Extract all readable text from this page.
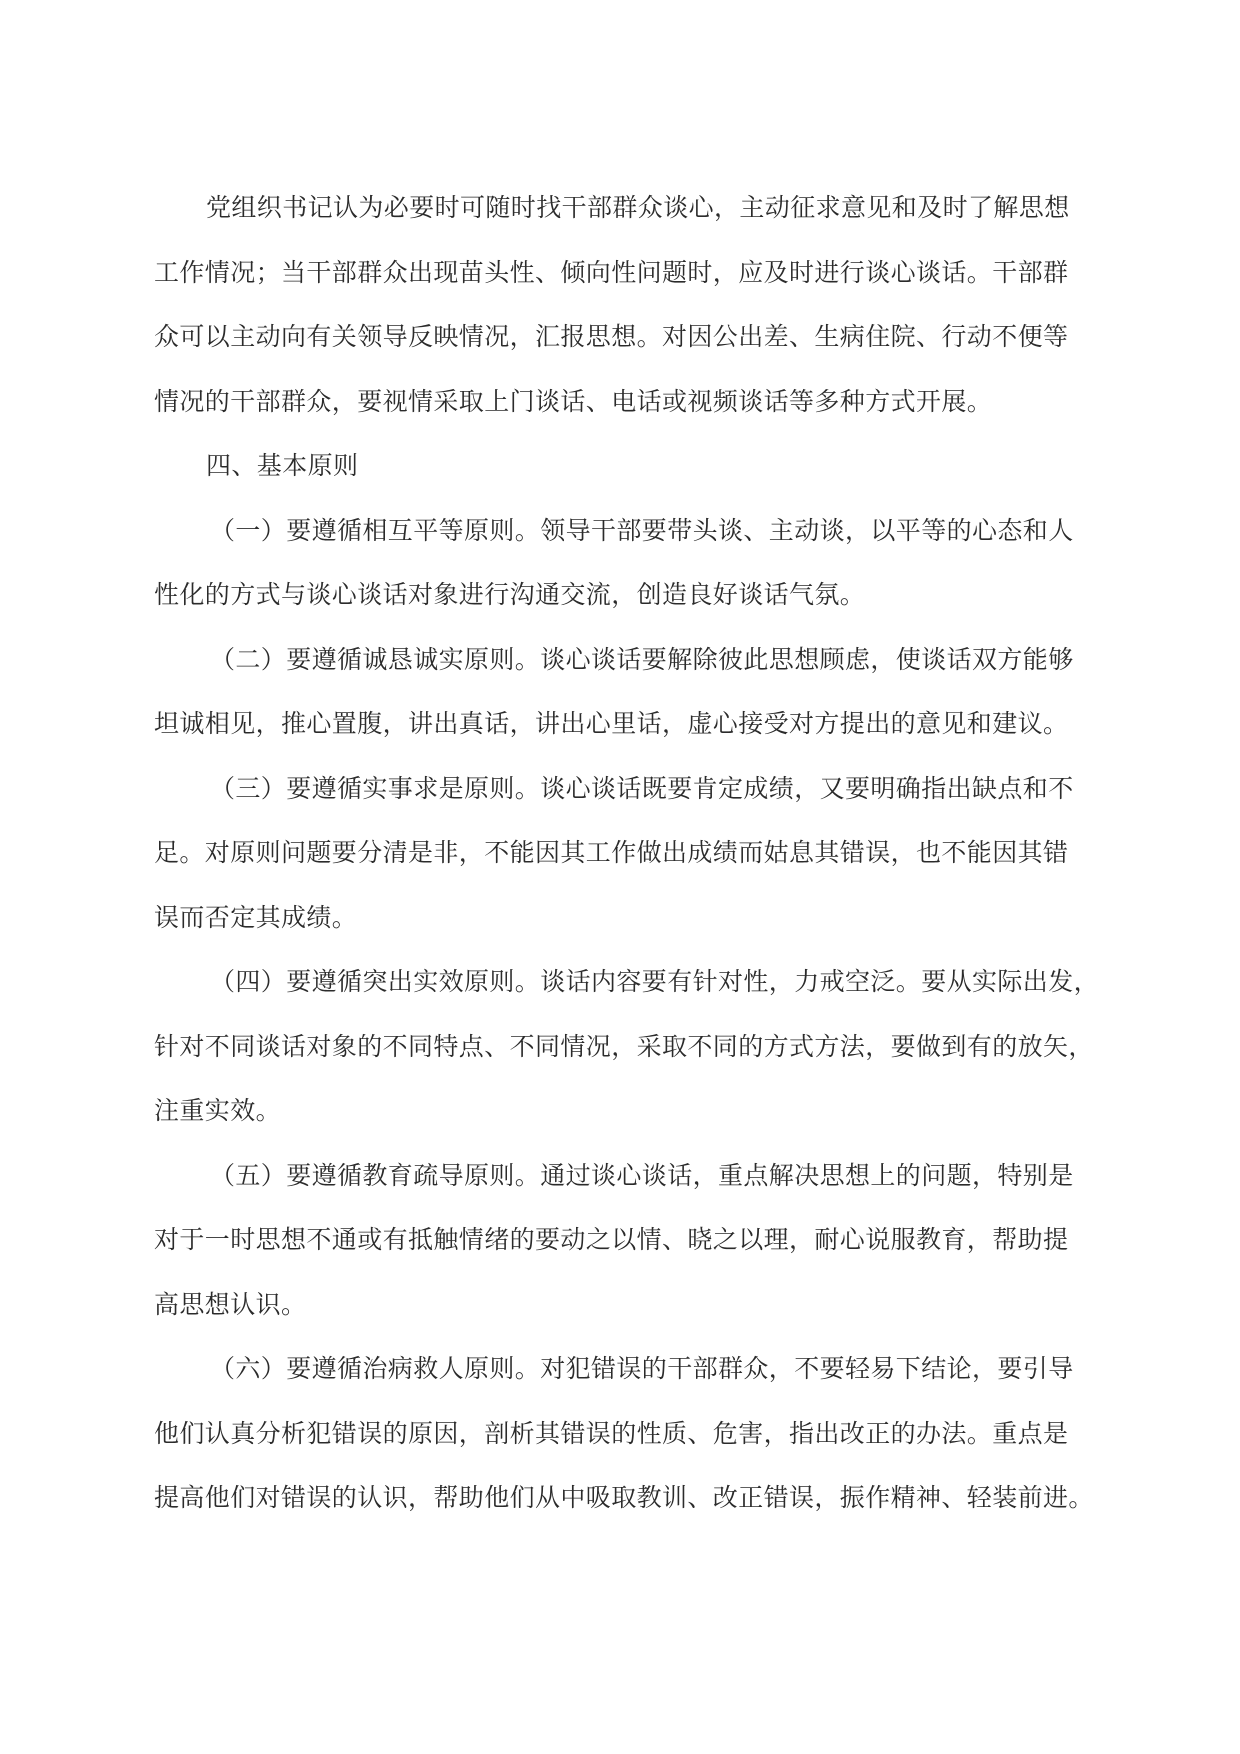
党组织书记认为必要时可随时找干部群众谈心，主动征求意见和及时了解思想
工作情况；当干部群众出现苗头性、倾向性问题时，应及时进行谈心谈话。干部群
众可以主动向有关领导反映情况，汇报思想。对因公出差、生病住院、行动不便等
情况的干部群众，要视情采取上门谈话、电话或视频谈话等多种方式开展。
四、基本原则
（一）要遵循相互平等原则。领导干部要带头谈、主动谈，以平等的心态和人
性化的方式与谈心谈话对象进行沟通交流，创造良好谈话气氛。
（二）要遵循诚恳诚实原则。谈心谈话要解除彼此思想顾虑，使谈话双方能够
坦诚相见，推心置腹，讲出真话，讲出心里话，虚心接受对方提出的意见和建议。
（三）要遵循实事求是原则。谈心谈话既要肯定成绩，又要明确指出缺点和不
足。对原则问题要分清是非，不能因其工作做出成绩而姑息其错误，也不能因其错
误而否定其成绩。
（四）要遵循突出实效原则。谈话内容要有针对性，力戒空泛。要从实际出发，
针对不同谈话对象的不同特点、不同情况，采取不同的方式方法，要做到有的放矢，
注重实效。
（五）要遵循教育疏导原则。通过谈心谈话，重点解决思想上的问题，特别是
对于一时思想不通或有抵触情绪的要动之以情、晓之以理，耐心说服教育，帮助提
高思想认识。
（六）要遵循治病救人原则。对犯错误的干部群众，不要轻易下结论，要引导
他们认真分析犯错误的原因，剖析其错误的性质、危害，指出改正的办法。重点是
提高他们对错误的认识，帮助他们从中吸取教训、改正错误，振作精神、轻装前进。
